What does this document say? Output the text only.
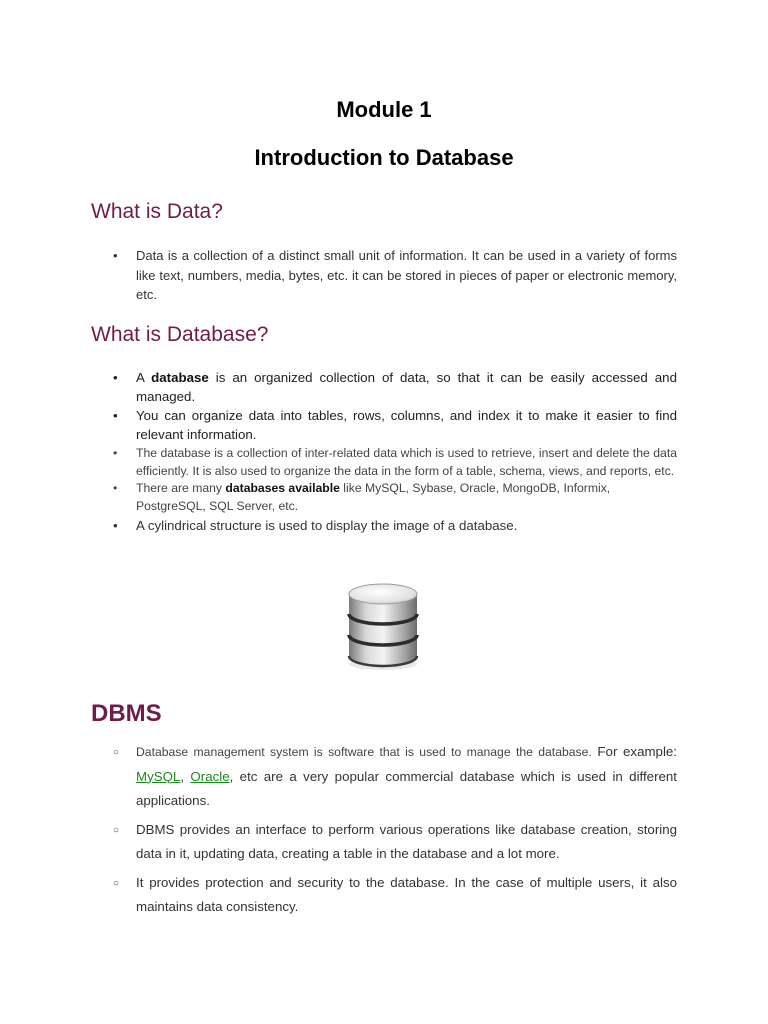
Module 1
Introduction to Database
What is Data?
• Data is a collection of a distinct small unit of information. It can be used in a variety of forms like text, numbers, media, bytes, etc. it can be stored in pieces of paper or electronic memory, etc.
What is Database?
• A database is an organized collection of data, so that it can be easily accessed and managed.
• You can organize data into tables, rows, columns, and index it to make it easier to find relevant information.
• The database is a collection of inter-related data which is used to retrieve, insert and delete the data efficiently. It is also used to organize the data in the form of a table, schema, views, and reports, etc.
• There are many databases available like MySQL, Sybase, Oracle, MongoDB, Informix, PostgreSQL, SQL Server, etc.
• A cylindrical structure is used to display the image of a database.
DBMS
○ Database management system is software that is used to manage the database. For example: MySQL, Oracle, etc are a very popular commercial database which is used in different applications.
○ DBMS provides an interface to perform various operations like database creation, storing data in it, updating data, creating a table in the database and a lot more.
○ It provides protection and security to the database. In the case of multiple users, it also maintains data consistency.
